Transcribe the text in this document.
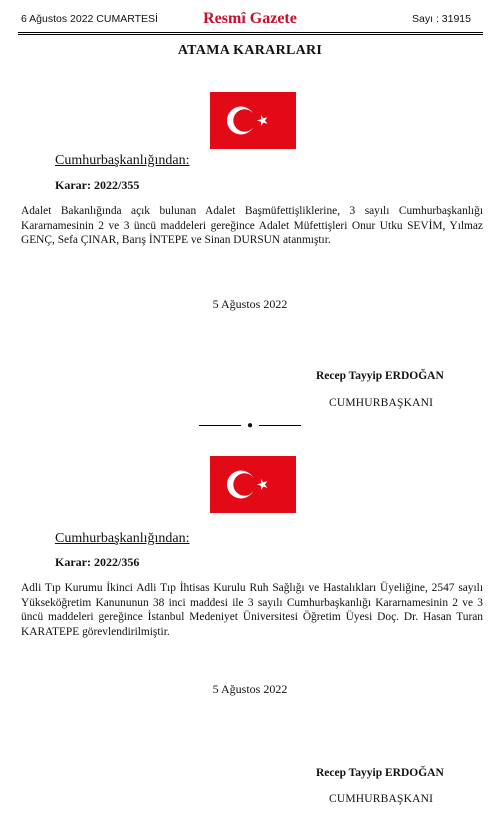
6 Ağustos 2022 CUMARTESİ	Resmî Gazete	Sayı : 31915
ATAMA KARARLARI
Cumhurbaşkanlığından:
Karar: 2022/355
Adalet Bakanlığında açık bulunan Adalet Başmüfettişliklerine, 3 sayılı Cumhurbaşkanlığı Kararnamesinin 2 ve 3 üncü maddeleri gereğince Adalet Müfettişleri Onur Utku SEVİM, Yılmaz GENÇ, Sefa ÇINAR, Barış İNTEPE ve Sinan DURSUN atanmıştır.
5 Ağustos 2022
Recep Tayyip ERDOĞAN
CUMHURBAŞKANI
●
Cumhurbaşkanlığından:
Karar: 2022/356
Adli Tıp Kurumu İkinci Adli Tıp İhtisas Kurulu Ruh Sağlığı ve Hastalıkları Üyeliğine, 2547 sayılı Yükseköğretim Kanununun 38 inci maddesi ile 3 sayılı Cumhurbaşkanlığı Kararnamesinin 2 ve 3 üncü maddeleri gereğince İstanbul Medeniyet Üniversitesi Öğretim Üyesi Doç. Dr. Hasan Turan KARATEPE görevlendirilmiştir.
5 Ağustos 2022
Recep Tayyip ERDOĞAN
CUMHURBAŞKANI
